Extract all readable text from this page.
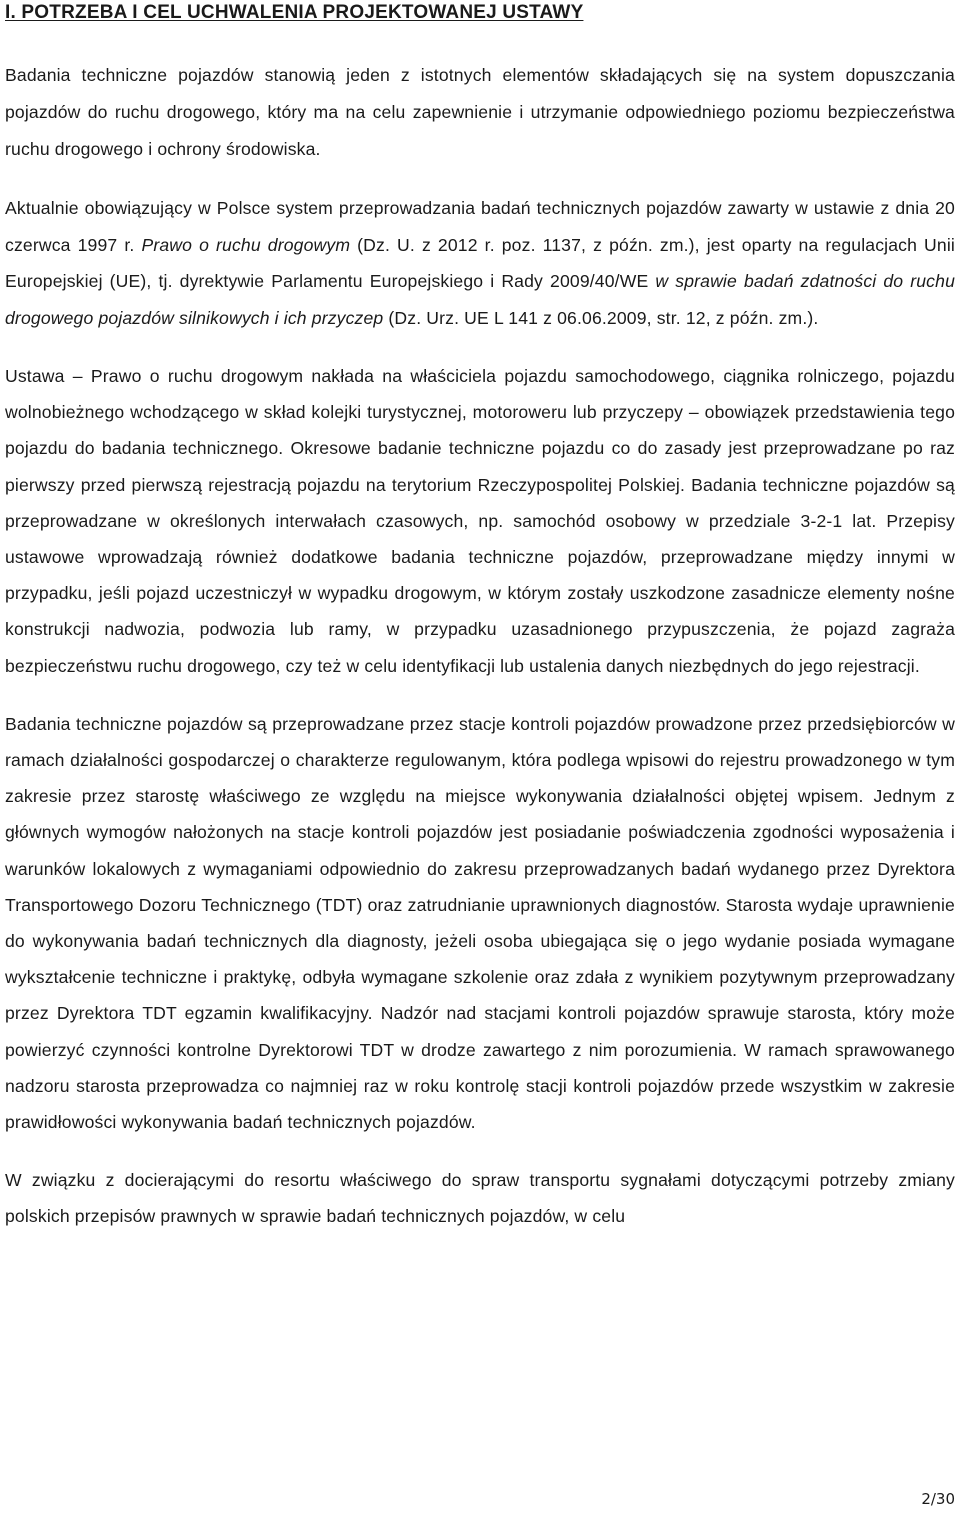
I. POTRZEBA I CEL UCHWALENIA PROJEKTOWANEJ USTAWY

Badania techniczne pojazdów stanowią jeden z istotnych elementów składających się na system dopuszczania pojazdów do ruchu drogowego, który ma na celu zapewnienie i utrzymanie odpowiedniego poziomu bezpieczeństwa ruchu drogowego i ochrony środowiska.

Aktualnie obowiązujący w Polsce system przeprowadzania badań technicznych pojazdów zawarty w ustawie z dnia 20 czerwca 1997 r. Prawo o ruchu drogowym (Dz. U. z 2012 r. poz. 1137, z późn. zm.), jest oparty na regulacjach Unii Europejskiej (UE), tj. dyrektywie Parlamentu Europejskiego i Rady 2009/40/WE w sprawie badań zdatności do ruchu drogowego pojazdów silnikowych i ich przyczep (Dz. Urz. UE L 141 z 06.06.2009, str. 12, z późn. zm.).

Ustawa – Prawo o ruchu drogowym nakłada na właściciela pojazdu samochodowego, ciągnika rolniczego, pojazdu wolnobieżnego wchodzącego w skład kolejki turystycznej, motoroweru lub przyczepy – obowiązek przedstawienia tego pojazdu do badania technicznego. Okresowe badanie techniczne pojazdu co do zasady jest przeprowadzane po raz pierwszy przed pierwszą rejestracją pojazdu na terytorium Rzeczypospolitej Polskiej. Badania techniczne pojazdów są przeprowadzane w określonych interwałach czasowych, np. samochód osobowy w przedziale 3-2-1 lat. Przepisy ustawowe wprowadzają również dodatkowe badania techniczne pojazdów, przeprowadzane między innymi w przypadku, jeśli pojazd uczestniczył w wypadku drogowym, w którym zostały uszkodzone zasadnicze elementy nośne konstrukcji nadwozia, podwozia lub ramy, w przypadku uzasadnionego przypuszczenia, że pojazd zagraża bezpieczeństwu ruchu drogowego, czy też w celu identyfikacji lub ustalenia danych niezbędnych do jego rejestracji.

Badania techniczne pojazdów są przeprowadzane przez stacje kontroli pojazdów prowadzone przez przedsiębiorców w ramach działalności gospodarczej o charakterze regulowanym, która podlega wpisowi do rejestru prowadzonego w tym zakresie przez starostę właściwego ze względu na miejsce wykonywania działalności objętej wpisem. Jednym z głównych wymogów nałożonych na stacje kontroli pojazdów jest posiadanie poświadczenia zgodności wyposażenia i warunków lokalowych z wymaganiami odpowiednio do zakresu przeprowadzanych badań wydanego przez Dyrektora Transportowego Dozoru Technicznego (TDT) oraz zatrudnianie uprawnionych diagnostów. Starosta wydaje uprawnienie do wykonywania badań technicznych dla diagnosty, jeżeli osoba ubiegająca się o jego wydanie posiada wymagane wykształcenie techniczne i praktykę, odbyła wymagane szkolenie oraz zdała z wynikiem pozytywnym przeprowadzany przez Dyrektora TDT egzamin kwalifikacyjny. Nadzór nad stacjami kontroli pojazdów sprawuje starosta, który może powierzyć czynności kontrolne Dyrektorowi TDT w drodze zawartego z nim porozumienia. W ramach sprawowanego nadzoru starosta przeprowadza co najmniej raz w roku kontrolę stacji kontroli pojazdów przede wszystkim w zakresie prawidłowości wykonywania badań technicznych pojazdów.

W związku z docierającymi do resortu właściwego do spraw transportu sygnałami dotyczącymi potrzeby zmiany polskich przepisów prawnych w sprawie badań technicznych pojazdów, w celu

2/30
